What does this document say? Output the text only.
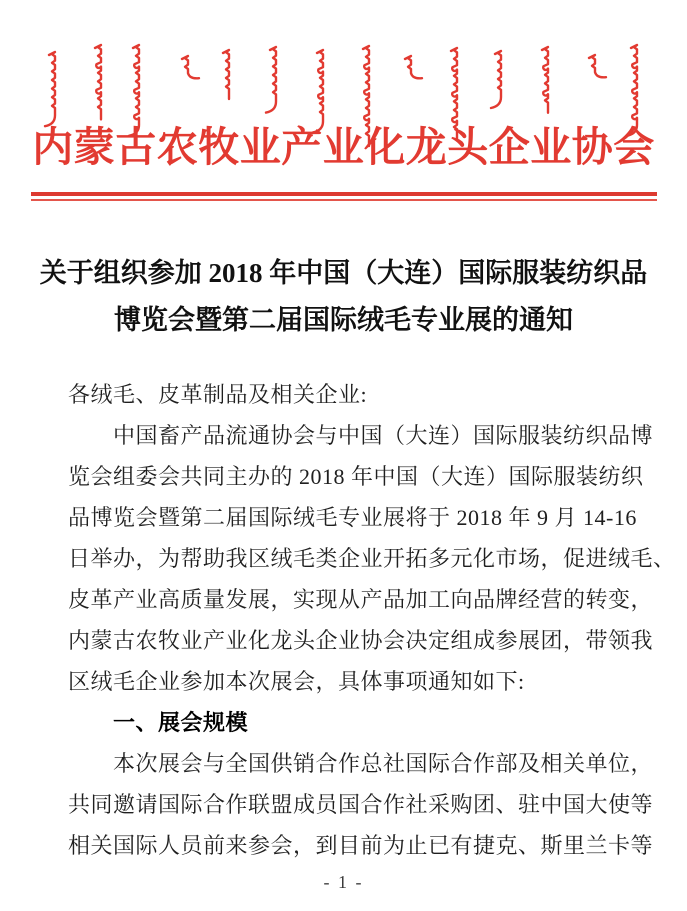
内蒙古农牧业产业化龙头企业协会
关于组织参加 2018 年中国（大连）国际服装纺织品
博览会暨第二届国际绒毛专业展的通知
各绒毛、皮革制品及相关企业:
中国畜产品流通协会与中国（大连）国际服装纺织品博
览会组委会共同主办的 2018 年中国（大连）国际服装纺织
品博览会暨第二届国际绒毛专业展将于 2018 年 9 月 14-16
日举办，为帮助我区绒毛类企业开拓多元化市场，促进绒毛、
皮革产业高质量发展，实现从产品加工向品牌经营的转变，
内蒙古农牧业产业化龙头企业协会决定组成参展团，带领我
区绒毛企业参加本次展会，具体事项通知如下:
一、展会规模
本次展会与全国供销合作总社国际合作部及相关单位，
共同邀请国际合作联盟成员国合作社采购团、驻中国大使等
相关国际人员前来参会，到目前为止已有捷克、斯里兰卡等
- 1 -
